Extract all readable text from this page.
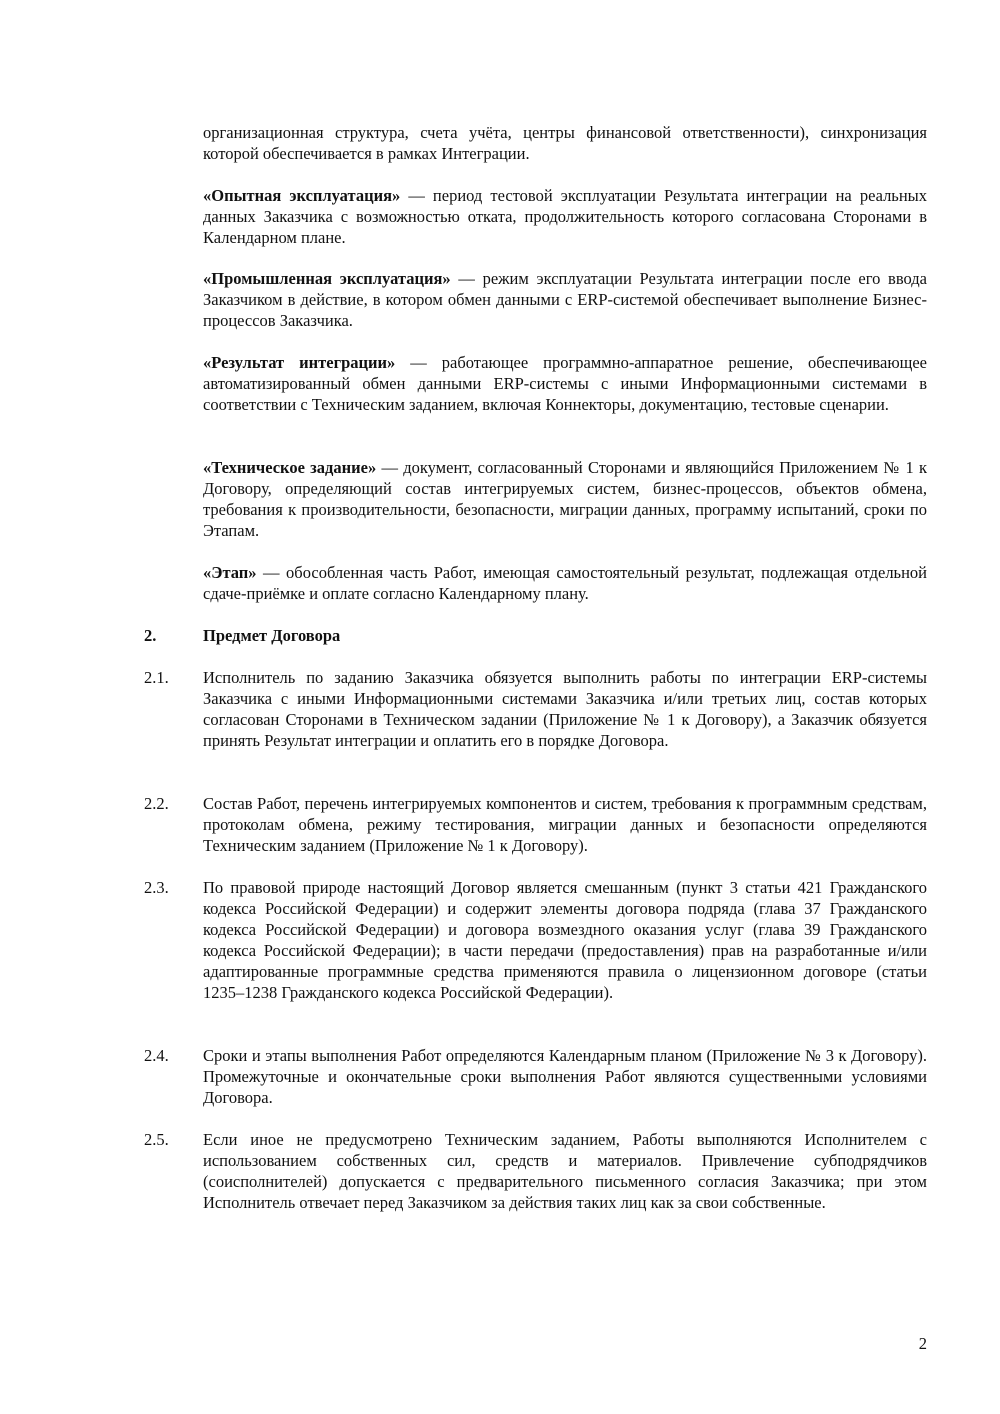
организационная структура, счета учёта, центры финансовой ответственности), синхронизация которой обеспечивается в рамках Интеграции.

«Опытная эксплуатация» — период тестовой эксплуатации Результата интеграции на реальных данных Заказчика с возможностью отката, продолжительность которого согласована Сторонами в Календарном плане.

«Промышленная эксплуатация» — режим эксплуатации Результата интеграции после его ввода Заказчиком в действие, в котором обмен данными с ERP-системой обеспечивает выполнение Бизнес-процессов Заказчика.

«Результат интеграции» — работающее программно-аппаратное решение, обеспечивающее автоматизированный обмен данными ERP-системы с иными Информационными системами в соответствии с Техническим заданием, включая Коннекторы, документацию, тестовые сценарии.

«Техническое задание» — документ, согласованный Сторонами и являющийся Приложением № 1 к Договору, определяющий состав интегрируемых систем, бизнес-процессов, объектов обмена, требования к производительности, безопасности, миграции данных, программу испытаний, сроки по Этапам.

«Этап» — обособленная часть Работ, имеющая самостоятельный результат, подлежащая отдельной сдаче-приёмке и оплате согласно Календарному плану.

2.	Предмет Договора

2.1.	Исполнитель по заданию Заказчика обязуется выполнить работы по интеграции ERP-системы Заказчика с иными Информационными системами Заказчика и/или третьих лиц, состав которых согласован Сторонами в Техническом задании (Приложение № 1 к Договору), а Заказчик обязуется принять Результат интеграции и оплатить его в порядке Договора.

2.2.	Состав Работ, перечень интегрируемых компонентов и систем, требования к программным средствам, протоколам обмена, режиму тестирования, миграции данных и безопасности определяются Техническим заданием (Приложение № 1 к Договору).

2.3.	По правовой природе настоящий Договор является смешанным (пункт 3 статьи 421 Гражданского кодекса Российской Федерации) и содержит элементы договора подряда (глава 37 Гражданского кодекса Российской Федерации) и договора возмездного оказания услуг (глава 39 Гражданского кодекса Российской Федерации); в части передачи (предоставления) прав на разработанные и/или адаптированные программные средства применяются правила о лицензионном договоре (статьи 1235–1238 Гражданского кодекса Российской Федерации).

2.4.	Сроки и этапы выполнения Работ определяются Календарным планом (Приложение № 3 к Договору). Промежуточные и окончательные сроки выполнения Работ являются существенными условиями Договора.

2.5.	Если иное не предусмотрено Техническим заданием, Работы выполняются Исполнителем с использованием собственных сил, средств и материалов. Привлечение субподрядчиков (соисполнителей) допускается с предварительного письменного согласия Заказчика; при этом Исполнитель отвечает перед Заказчиком за действия таких лиц как за свои собственные.

2
